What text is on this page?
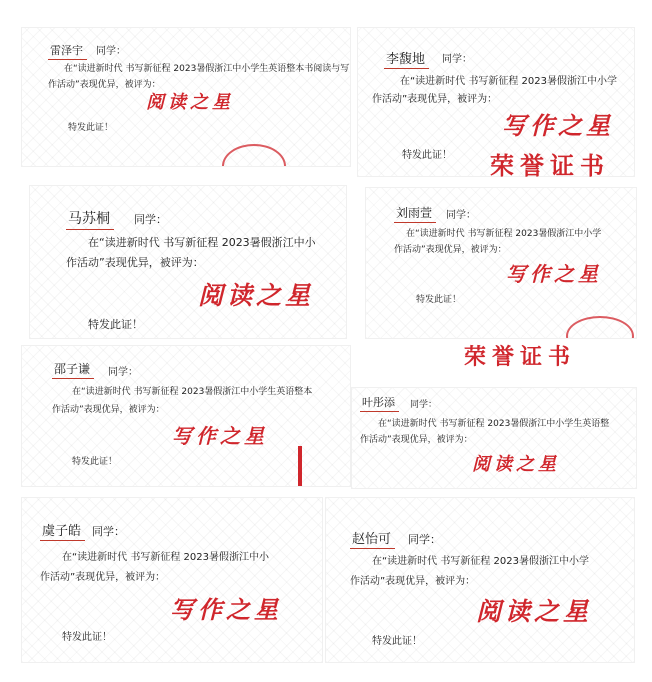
雷泽宇	同学：
在“读进新时代 书写新征程 2023暑假浙江中小学生英语整本书阅读与写
作活动”表现优异，被评为：
阅读之星
特发此证！
李馥地	同学：
在“读进新时代 书写新征程 2023暑假浙江中小学
作活动”表现优异，被评为：
写作之星
特发此证！ 荣誉证书
荣誉证书
马苏桐	同学：
在“读进新时代 书写新征程 2023暑假浙江中小
作活动”表现优异，被评为：
阅读之星
特发此证！
刘雨萱	同学：
在“读进新时代 书写新征程 2023暑假浙江中小学
作活动”表现优异，被评为：
写作之星
特发此证！
邵子谦	同学：
在“读进新时代 书写新征程 2023暑假浙江中小学生英语整本
作活动”表现优异，被评为：
写作之星
特发此证！
叶彤添	同学：
在“读进新时代 书写新征程 2023暑假浙江中小学生英语整
作活动”表现优异，被评为：
阅读之星
虞子皓 同学：
在“读进新时代 书写新征程 2023暑假浙江中小
作活动”表现优异，被评为：
写作之星
特发此证！
赵怡可	同学：
在“读进新时代 书写新征程 2023暑假浙江中小学
作活动”表现优异，被评为：
阅读之星
特发此证！
